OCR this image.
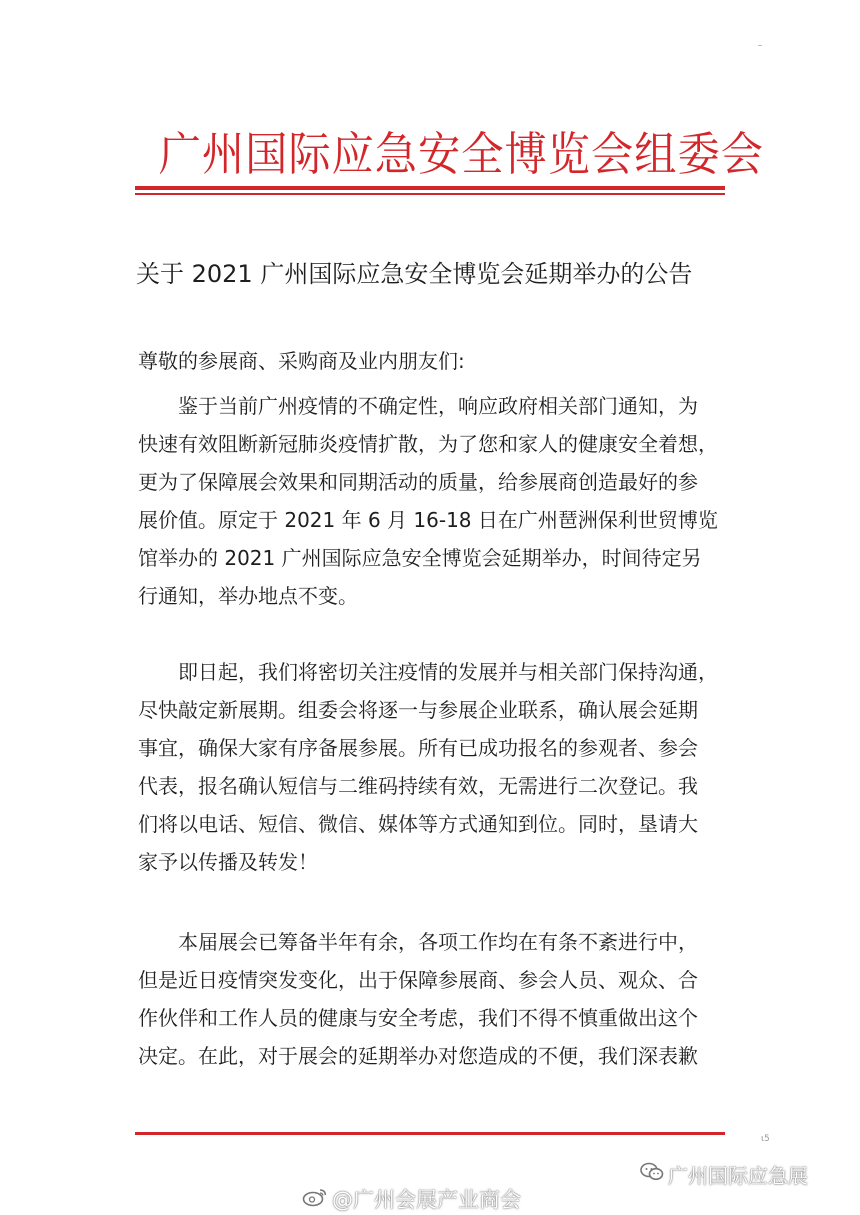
广州国际应急安全博览会组委会
关于 2021 广州国际应急安全博览会延期举办的公告
尊敬的参展商、采购商及业内朋友们:
　　鉴于当前广州疫情的不确定性，响应政府相关部门通知，为
快速有效阻断新冠肺炎疫情扩散，为了您和家人的健康安全着想，
更为了保障展会效果和同期活动的质量，给参展商创造最好的参
展价值。原定于 2021 年 6 月 16-18 日在广州琶洲保利世贸博览
馆举办的 2021 广州国际应急安全博览会延期举办，时间待定另
行通知，举办地点不变。
　　即日起，我们将密切关注疫情的发展并与相关部门保持沟通，
尽快敲定新展期。组委会将逐一与参展企业联系，确认展会延期
事宜，确保大家有序备展参展。所有已成功报名的参观者、参会
代表，报名确认短信与二维码持续有效，无需进行二次登记。我
们将以电话、短信、微信、媒体等方式通知到位。同时，垦请大
家予以传播及转发！
　　本届展会已筹备半年有余，各项工作均在有条不紊进行中，
但是近日疫情突发变化，出于保障参展商、参会人员、观众、合
作伙伴和工作人员的健康与安全考虑，我们不得不慎重做出这个
决定。在此，对于展会的延期举办对您造成的不便，我们深表歉
ι5
广州国际应急展
@广州会展产业商会
